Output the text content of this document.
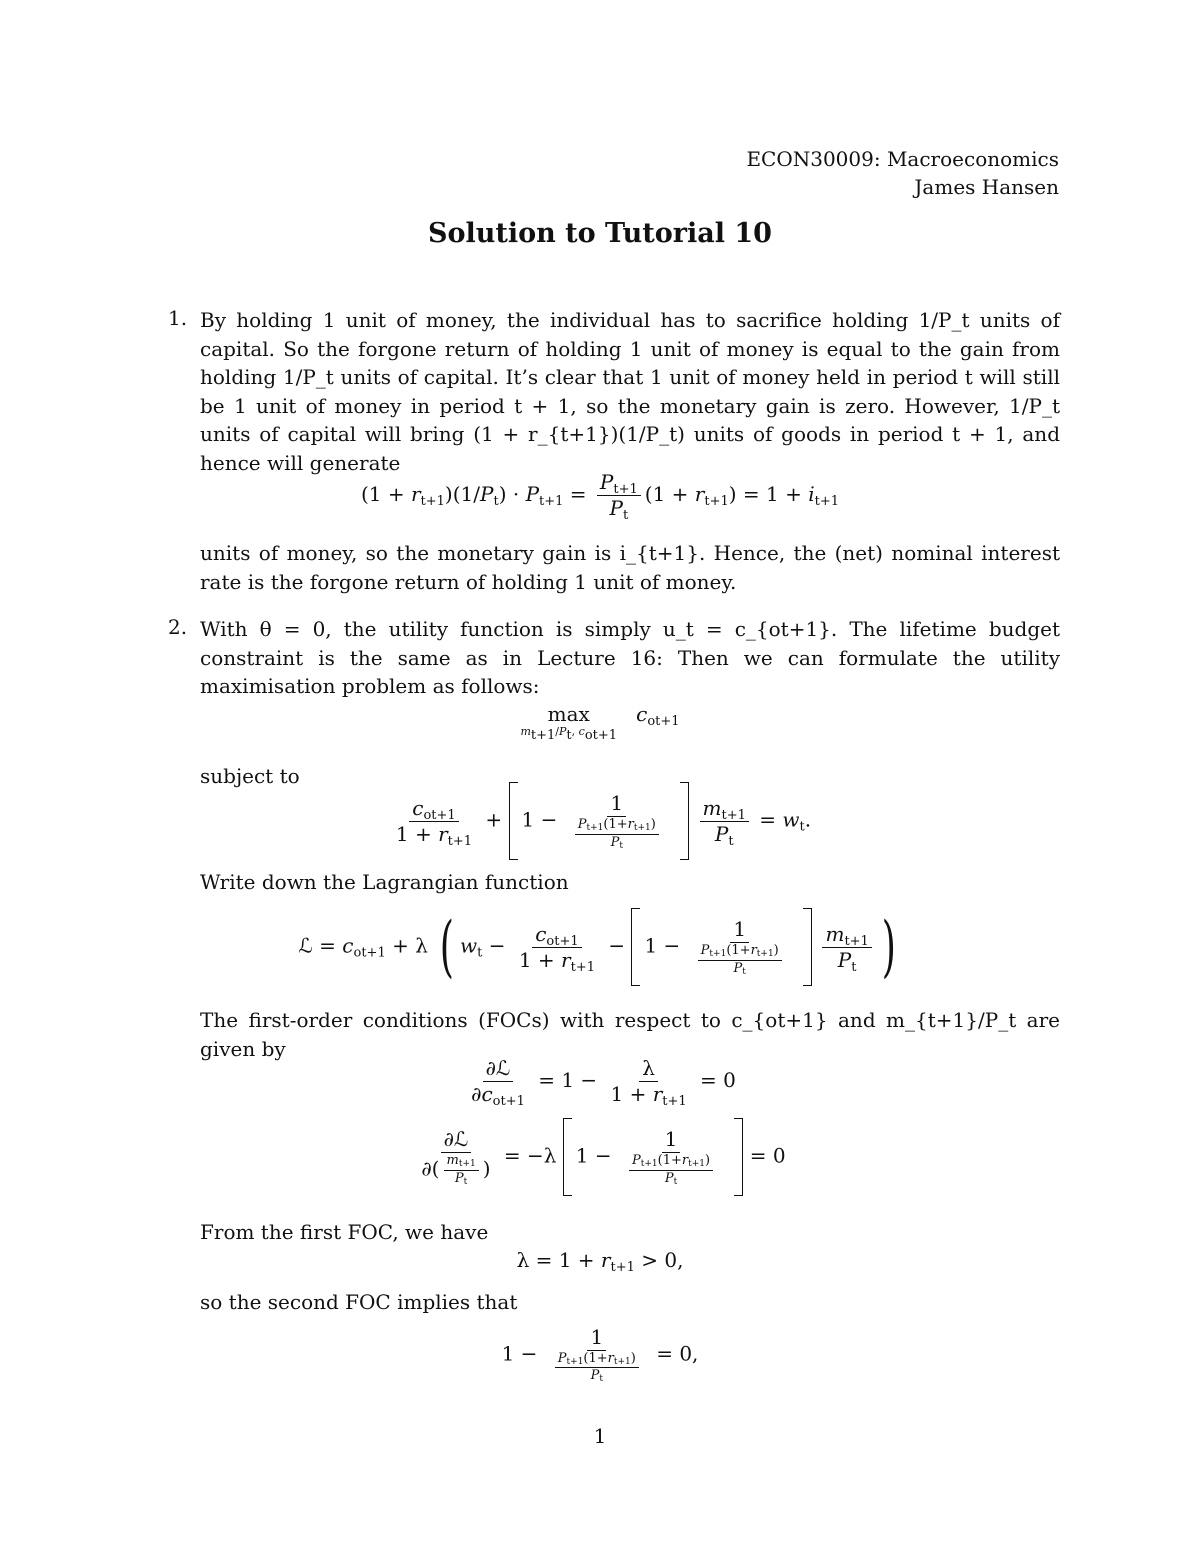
ECON30009: Macroeconomics
James Hansen
Solution to Tutorial 10
1. By holding 1 unit of money, the individual has to sacrifice holding 1/P_t units of capital. So the forgone return of holding 1 unit of money is equal to the gain from holding 1/P_t units of capital. It’s clear that 1 unit of money held in period t will still be 1 unit of money in period t + 1, so the monetary gain is zero. However, 1/P_t units of capital will bring (1 + r_{t+1})(1/P_t) units of goods in period t + 1, and hence will generate
$(1 + r_{t+1})(1/P_t) \cdot P_{t+1} = \frac{P_{t+1}}{P_t} (1 + r_{t+1}) = 1 + i_{t+1}$
units of money, so the monetary gain is i_{t+1}. Hence, the (net) nominal interest rate is the forgone return of holding 1 unit of money.
2. With θ = 0, the utility function is simply u_t = c_{ot+1}. The lifetime budget constraint is the same as in Lecture 16: Then we can formulate the utility maximisation problem as follows:
max
$m_{t+1}/P_t$, $c_{ot+1}$
$c_{ot+1}$
subject to
$\frac{c_{ot+1}}{1 + r_{t+1}} + 1 - \frac{1}{\frac{P_{t+1}(1+r_{t+1})}{P_t}}$
$\frac{m_{t+1}}{P_t} = w_t$.
Write down the Lagrangian function
ℒ = $c_{ot+1} + \lambda$ ( $w_t - \frac{c_{ot+1}}{1 + r_{t+1}} - 1 - \frac{1}{\frac{P_{t+1}(1+r_{t+1})}{P_t}}$
$\frac{m_{t+1}}{P_t}$ )
The first-order conditions (FOCs) with respect to c_{ot+1} and m_{t+1}/P_t are given by
$\frac{\text{∂ℒ}}{\partial c_{ot+1}} = 1 - \frac{\lambda}{1 + r_{t+1}} = 0$
$\frac{\text{∂ℒ}}{\partial( \frac{m_{t+1}}{P_t} )} = -\lambda$ $1 - \frac{1}{\frac{P_{t+1}(1+r_{t+1})}{P_t}} = 0$
From the first FOC, we have
$\lambda = 1 + r_{t+1} > 0$,
so the second FOC implies that
$1 - \frac{1}{\frac{P_{t+1}(1+r_{t+1})}{P_t}} = 0$,
1
